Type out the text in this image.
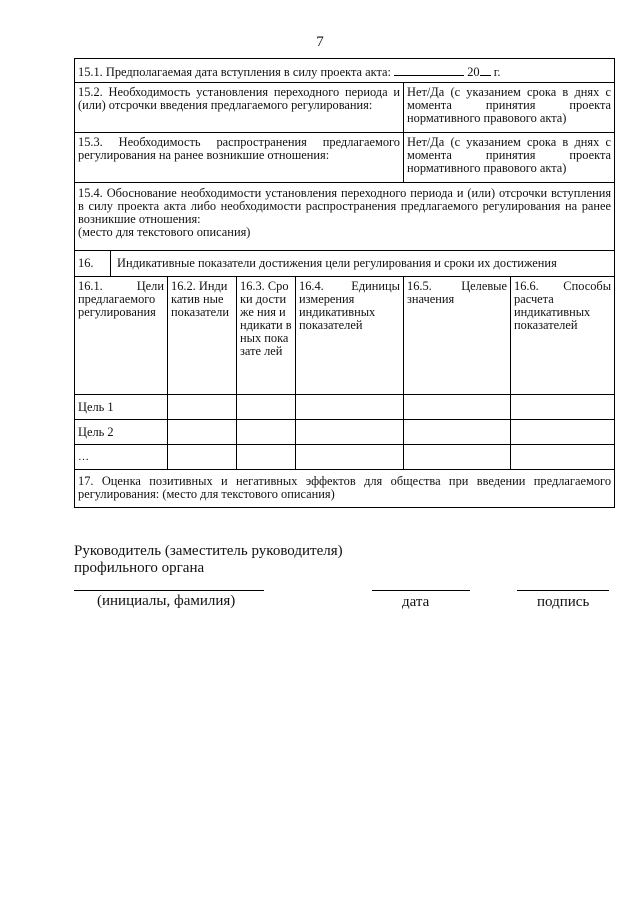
7
15.1. Предполагаемая дата вступления в силу проекта акта: 20 г.					
15.2. Необходимость установления переходного периода и (или) отсрочки введения предлагаемого регулирования:				Нет/Да (с указанием срока в днях с момента принятия проекта нормативного правового акта)	
15.3. Необходимость распространения предлагаемого регулирования на ранее возникшие отношения:				Нет/Да (с указанием срока в днях с момента принятия проекта нормативного правового акта)	

15.4. Обоснование необходимости установления переходного периода и (или) отсрочки вступления в силу проекта акта либо необходимости распространения предлагаемого регулирования на ранее возникшие отношения:
(место для текстового описания)					

16. Индикативные показатели достижения цели регулирования и сроки их достижения					

16.1. Цели предлагаемого регулирования	16.2. Индикатив ные показатели	16.3. Сроки достиже ния индикати вных показате лей	16.4. Единицы измерения индикативных показателей	16.5. Целевые значения	16.6. Способы расчета индикативных показателей

Цель 1					
Цель 2					
…					
17. Оценка позитивных и негативных эффектов для общества при введении предлагаемого регулирования: (место для текстового описания)					
Руководитель (заместитель руководителя)
профильного органа
(инициалы, фамилия)	дата	подпись
